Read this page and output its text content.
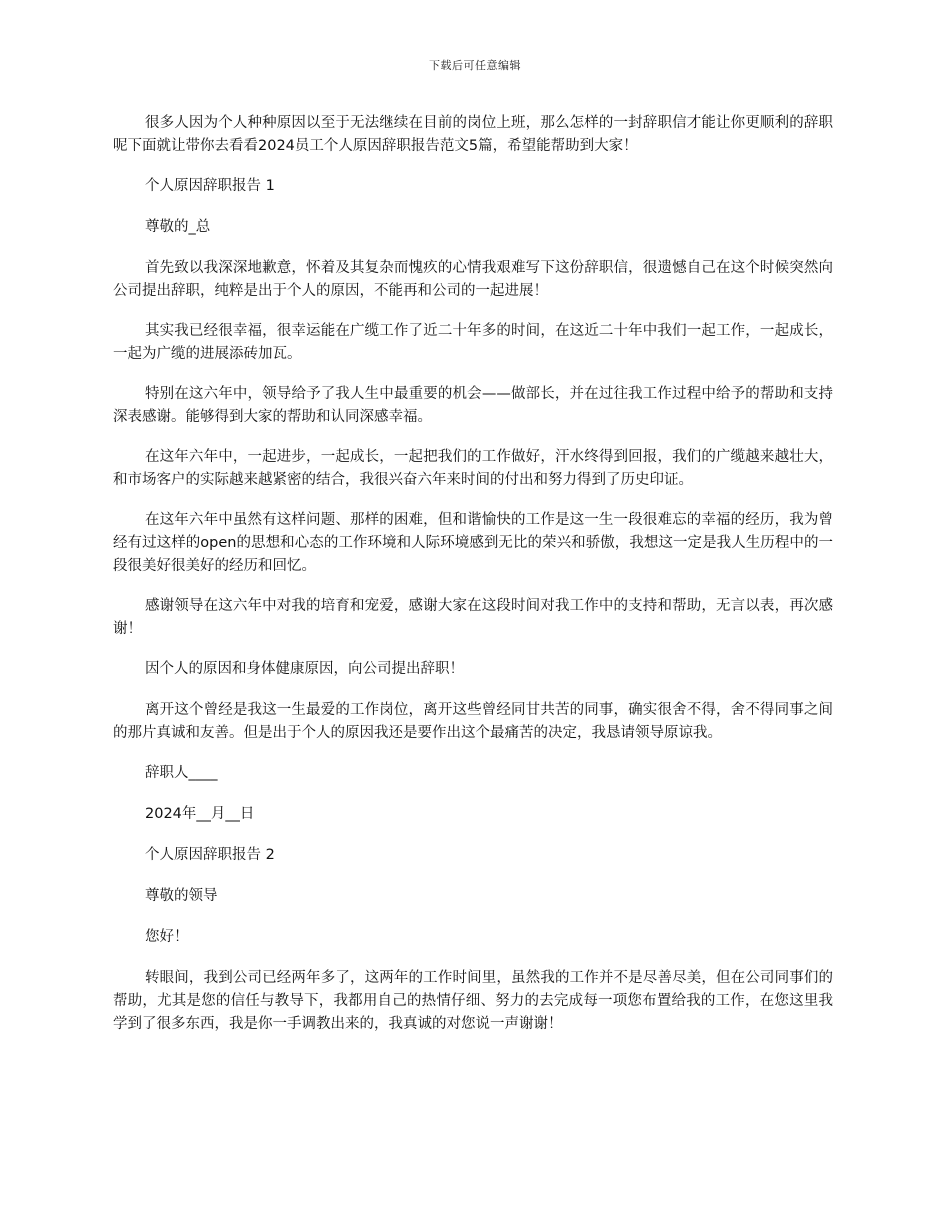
下载后可任意编辑

很多人因为个人种种原因以至于无法继续在目前的岗位上班，那么怎样的一封辞职信才能让你更顺利的辞职呢下面就让带你去看看2024员工个人原因辞职报告范文5篇，希望能帮助到大家！

个人原因辞职报告 1

尊敬的_总

首先致以我深深地歉意，怀着及其复杂而愧疚的心情我艰难写下这份辞职信，很遗憾自己在这个时候突然向公司提出辞职，纯粹是出于个人的原因，不能再和公司的一起进展！

其实我已经很幸福，很幸运能在广缆工作了近二十年多的时间，在这近二十年中我们一起工作，一起成长，一起为广缆的进展添砖加瓦。

特别在这六年中，领导给予了我人生中最重要的机会——做部长，并在过往我工作过程中给予的帮助和支持深表感谢。能够得到大家的帮助和认同深感幸福。

在这年六年中，一起进步，一起成长，一起把我们的工作做好，汗水终得到回报，我们的广缆越来越壮大，和市场客户的实际越来越紧密的结合，我很兴奋六年来时间的付出和努力得到了历史印证。

在这年六年中虽然有这样问题、那样的困难，但和谐愉快的工作是这一生一段很难忘的幸福的经历，我为曾经有过这样的open的思想和心态的工作环境和人际环境感到无比的荣兴和骄傲，我想这一定是我人生历程中的一段很美好很美好的经历和回忆。

感谢领导在这六年中对我的培育和宠爱，感谢大家在这段时间对我工作中的支持和帮助，无言以表，再次感谢！

因个人的原因和身体健康原因，向公司提出辞职！

离开这个曾经是我这一生最爱的工作岗位，离开这些曾经同甘共苦的同事，确实很舍不得，舍不得同事之间的那片真诚和友善。但是出于个人的原因我还是要作出这个最痛苦的决定，我恳请领导原谅我。

辞职人____

2024年__月__日

个人原因辞职报告 2

尊敬的领导

您好！

转眼间，我到公司已经两年多了，这两年的工作时间里，虽然我的工作并不是尽善尽美，但在公司同事们的帮助，尤其是您的信任与教导下，我都用自己的热情仔细、努力的去完成每一项您布置给我的工作，在您这里我学到了很多东西，我是你一手调教出来的，我真诚的对您说一声谢谢！
